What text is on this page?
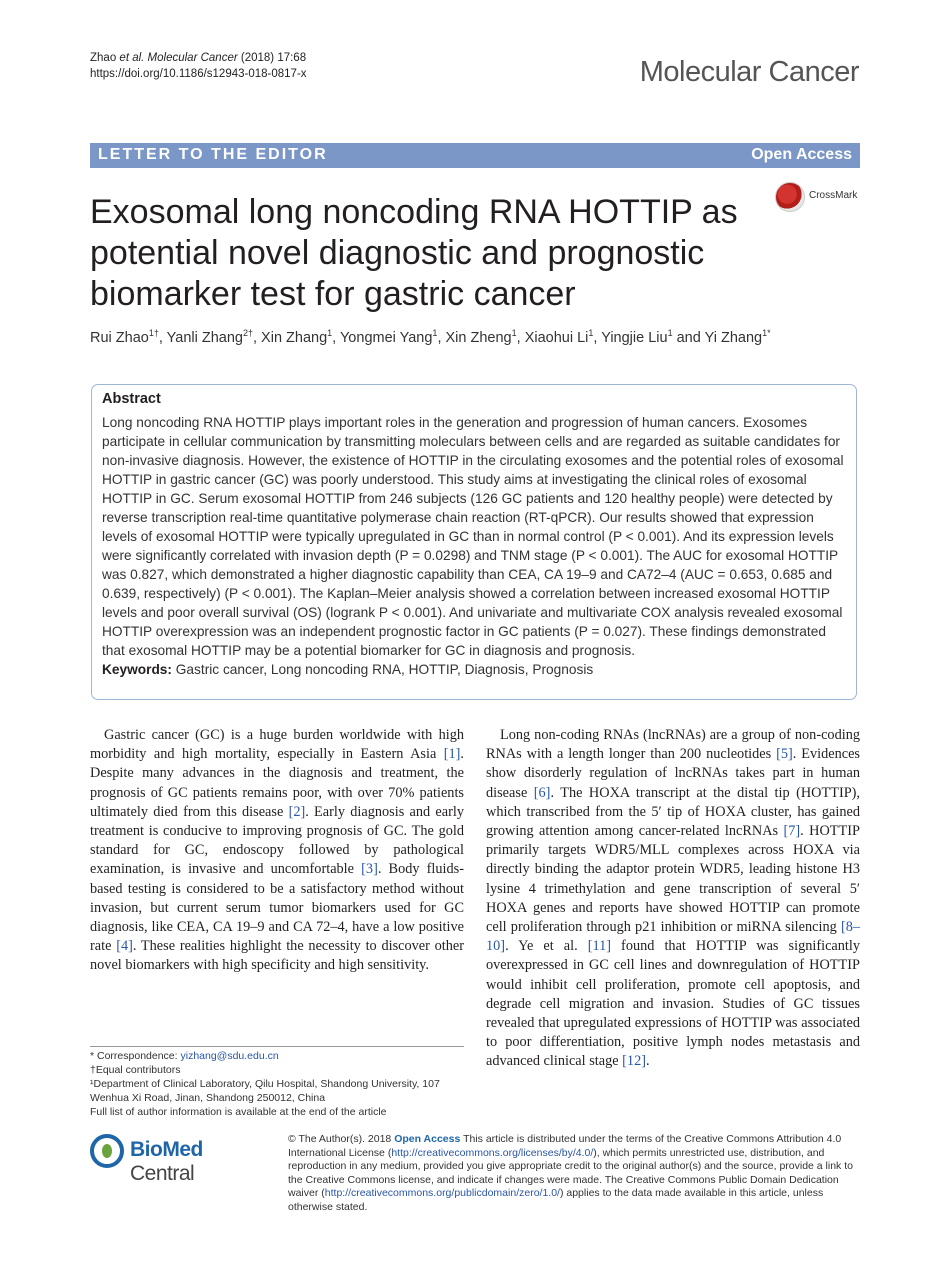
Zhao et al. Molecular Cancer (2018) 17:68
https://doi.org/10.1186/s12943-018-0817-x	Molecular Cancer
LETTER TO THE EDITOR	Open Access
Exosomal long noncoding RNA HOTTIP as potential novel diagnostic and prognostic biomarker test for gastric cancer
CrossMark
Rui Zhao$^{1\dagger}$, Yanli Zhang$^{2\dagger}$, Xin Zhang$^1$, Yongmei Yang$^1$, Xin Zheng$^1$, Xiaohui Li$^1$, Yingjie Liu$^1$ and Yi Zhang$^{1*}$
Abstract

Long noncoding RNA HOTTIP plays important roles in the generation and progression of human cancers. Exosomes participate in cellular communication by transmitting moleculars between cells and are regarded as suitable candidates for non-invasive diagnosis. However, the existence of HOTTIP in the circulating exosomes and the potential roles of exosomal HOTTIP in gastric cancer (GC) was poorly understood. This study aims at investigating the clinical roles of exosomal HOTTIP in GC. Serum exosomal HOTTIP from 246 subjects (126 GC patients and 120 healthy people) were detected by reverse transcription real-time quantitative polymerase chain reaction (RT-qPCR). Our results showed that expression levels of exosomal HOTTIP were typically upregulated in GC than in normal control (P < 0.001). And its expression levels were significantly correlated with invasion depth (P = 0.0298) and TNM stage (P < 0.001). The AUC for exosomal HOTTIP was 0.827, which demonstrated a higher diagnostic capability than CEA, CA 19–9 and CA72–4 (AUC = 0.653, 0.685 and 0.639, respectively) (P < 0.001). The Kaplan–Meier analysis showed a correlation between increased exosomal HOTTIP levels and poor overall survival (OS) (logrank P < 0.001). And univariate and multivariate COX analysis revealed exosomal HOTTIP overexpression was an independent prognostic factor in GC patients (P = 0.027). These findings demonstrated that exosomal HOTTIP may be a potential biomarker for GC in diagnosis and prognosis.

Keywords: Gastric cancer, Long noncoding RNA, HOTTIP, Diagnosis, Prognosis

Gastric cancer (GC) is a huge burden worldwide with high morbidity and high mortality, especially in Eastern Asia [1]. Despite many advances in the diagnosis and treatment, the prognosis of GC patients remains poor, with over 70% patients ultimately died from this disease [2]. Early diagnosis and early treatment is conducive to improving prognosis of GC. The gold standard for GC, endoscopy followed by pathological examination, is invasive and uncomfortable [3]. Body fluids-based testing is considered to be a satisfactory method without invasion, but current serum tumor biomarkers used for GC diagnosis, like CEA, CA 19–9 and CA 72–4, have a low positive rate [4]. These realities highlight the necessity to discover other novel biomarkers with high specificity and high sensitivity.

Long non-coding RNAs (lncRNAs) are a group of non-coding RNAs with a length longer than 200 nucleotides [5]. Evidences show disorderly regulation of lncRNAs takes part in human disease [6]. The HOXA transcript at the distal tip (HOTTIP), which transcribed from the 5′ tip of HOXA cluster, has gained growing attention among cancer-related lncRNAs [7]. HOTTIP primarily targets WDR5/MLL complexes across HOXA via directly binding the adaptor protein WDR5, leading histone H3 lysine 4 trimethylation and gene transcription of several 5′ HOXA genes and reports have showed HOTTIP can promote cell proliferation through p21 inhibition or miRNA silencing [8–10]. Ye et al. [11] found that HOTTIP was significantly overexpressed in GC cell lines and downregulation of HOTTIP would inhibit cell proliferation, promote cell apoptosis, and degrade cell migration and invasion. Studies of GC tissues revealed that upregulated expressions of HOTTIP was associated to poor differentiation, positive lymph nodes metastasis and advanced clinical stage [12].

* Correspondence: yizhang@sdu.edu.cn
†Equal contributors
¹Department of Clinical Laboratory, Qilu Hospital, Shandong University, 107 Wenhua Xi Road, Jinan, Shandong 250012, China
Full list of author information is available at the end of the article
BioMed Central
© The Author(s). 2018 Open Access This article is distributed under the terms of the Creative Commons Attribution 4.0 International License (http://creativecommons.org/licenses/by/4.0/), which permits unrestricted use, distribution, and reproduction in any medium, provided you give appropriate credit to the original author(s) and the source, provide a link to the Creative Commons license, and indicate if changes were made. The Creative Commons Public Domain Dedication waiver (http://creativecommons.org/publicdomain/zero/1.0/) applies to the data made available in this article, unless otherwise stated.
